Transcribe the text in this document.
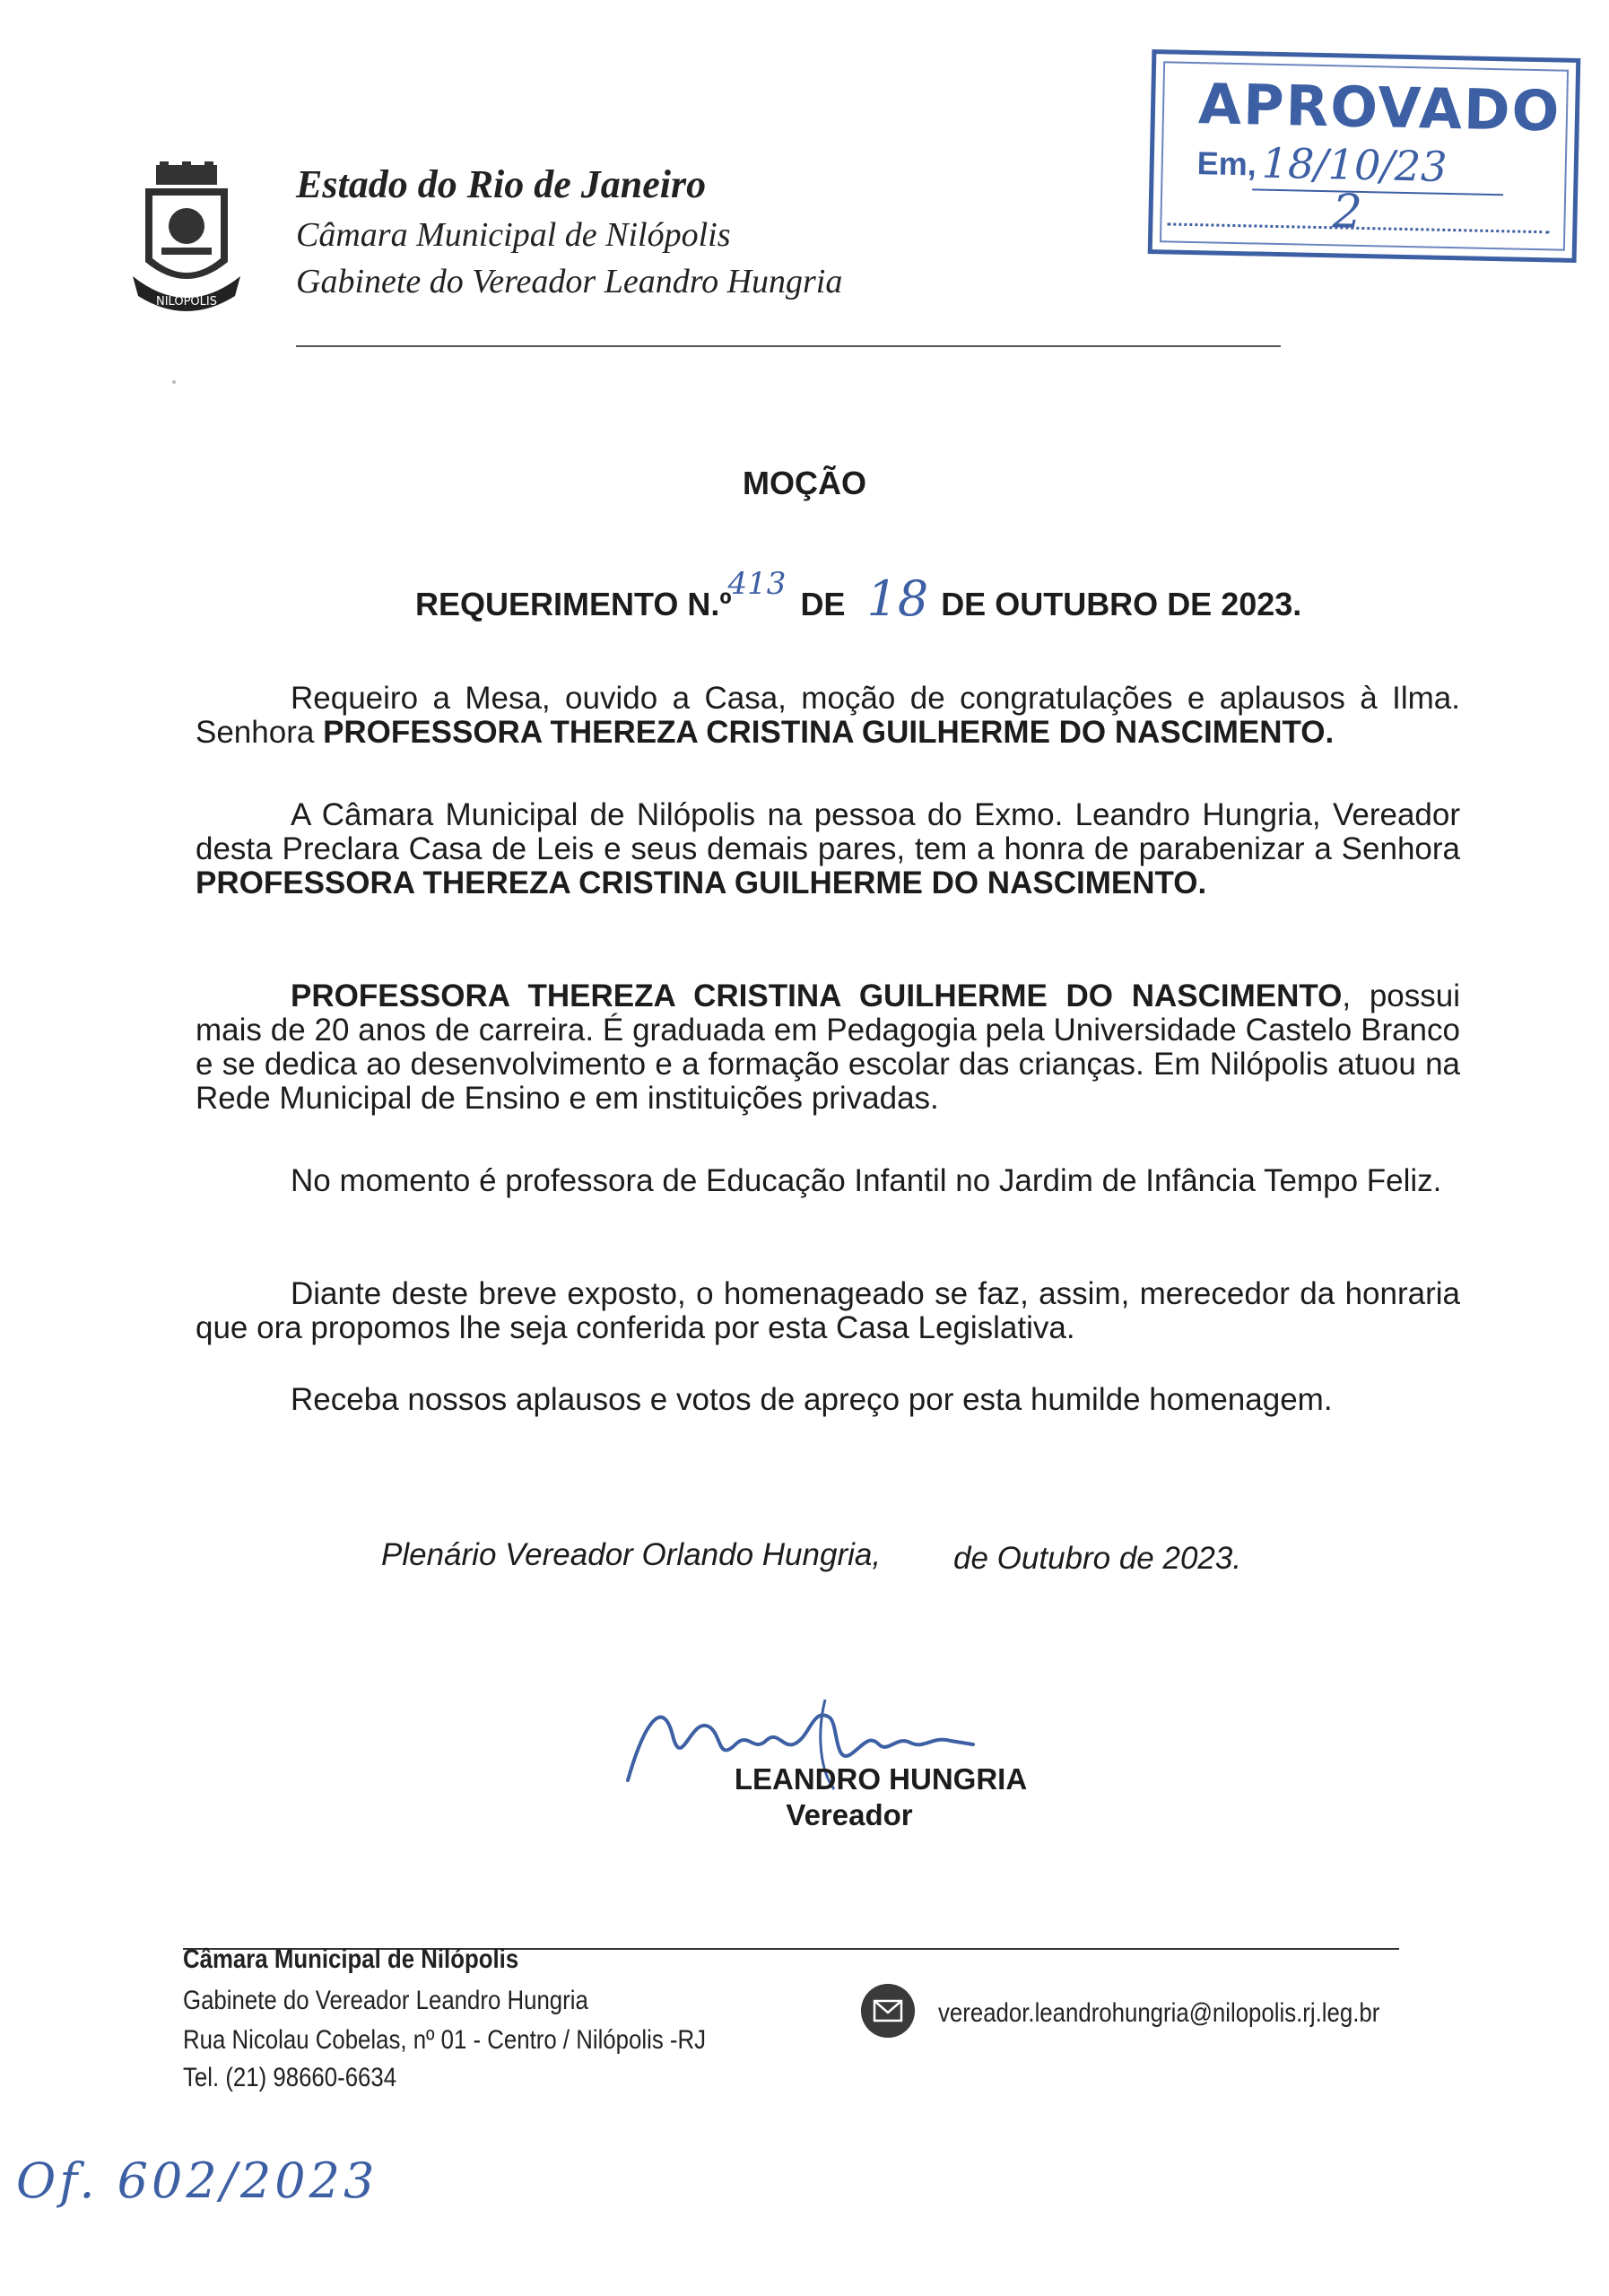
NILÓPOLIS
Estado do Rio de Janeiro
Câmara Municipal de Nilópolis
Gabinete do Vereador Leandro Hungria
APROVADO
Em, 18/10/23
2
MOÇÃO
REQUERIMENTO N.º413 DE 18 DE OUTUBRO DE 2023.
Requeiro a Mesa, ouvido a Casa, moção de congratulações e aplausos à Ilma. Senhora PROFESSORA THEREZA CRISTINA GUILHERME DO NASCIMENTO.
A Câmara Municipal de Nilópolis na pessoa do Exmo. Leandro Hungria, Vereador desta Preclara Casa de Leis e seus demais pares, tem a honra de parabenizar a Senhora PROFESSORA THEREZA CRISTINA GUILHERME DO NASCIMENTO.
PROFESSORA THEREZA CRISTINA GUILHERME DO NASCIMENTO, possui mais de 20 anos de carreira. É graduada em Pedagogia pela Universidade Castelo Branco e se dedica ao desenvolvimento e a formação escolar das crianças. Em Nilópolis atuou na Rede Municipal de Ensino e em instituições privadas.
No momento é professora de Educação Infantil no Jardim de Infância Tempo Feliz.
Diante deste breve exposto, o homenageado se faz, assim, merecedor da honraria que ora propomos lhe seja conferida por esta Casa Legislativa.
Receba nossos aplausos e votos de apreço por esta humilde homenagem.
Plenário Vereador Orlando Hungria, de Outubro de 2023.
LEANDRO HUNGRIA
Vereador
Câmara Municipal de Nilópolis
Gabinete do Vereador Leandro Hungria
Rua Nicolau Cobelas, nº 01 - Centro / Nilópolis -RJ
Tel. (21) 98660-6634
vereador.leandrohungria@nilopolis.rj.leg.br
Of. 602/2023
